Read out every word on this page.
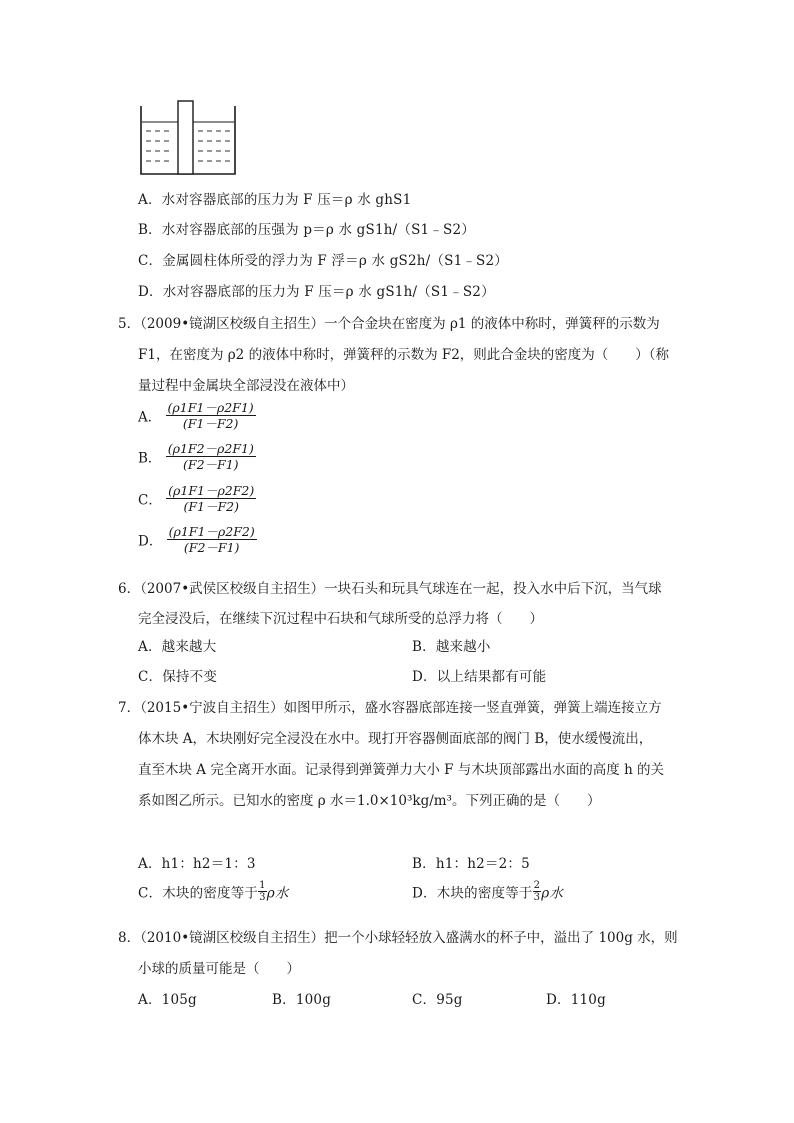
A．水对容器底部的压力为 F 压＝ρ 水 ghS1
B．水对容器底部的压强为 p＝ρ 水 gS1h/（S1﹣S2）
C．金属圆柱体所受的浮力为 F 浮＝ρ 水 gS2h/（S1﹣S2）
D．水对容器底部的压力为 F 压＝ρ 水 gS1h/（S1﹣S2）
5．（2009•镜湖区校级自主招生）一个合金块在密度为 ρ1 的液体中称时，弹簧秤的示数为
F1，在密度为 ρ2 的液体中称时，弹簧秤的示数为 F2，则此合金块的密度为（　　）（称
量过程中金属块全部浸没在液体中）
A． $\frac{(\rho 1F1-\rho 2F1)}{(F1-F2)}$
B． $\frac{(\rho 1F2-\rho 2F1)}{(F2-F1)}$
C． $\frac{(\rho 1F1-\rho 2F2)}{(F1-F2)}$
D． $\frac{(\rho 1F1-\rho 2F2)}{(F2-F1)}$
6．（2007•武侯区校级自主招生）一块石头和玩具气球连在一起，投入水中后下沉，当气球
完全浸没后，在继续下沉过程中石块和气球所受的总浮力将（　　）
A．越来越大	B．越来越小
C．保持不变	D．以上结果都有可能
7．（2015•宁波自主招生）如图甲所示，盛水容器底部连接一竖直弹簧，弹簧上端连接立方
体木块 A，木块刚好完全浸没在水中。现打开容器侧面底部的阀门 B，使水缓慢流出，
直至木块 A 完全离开水面。记录得到弹簧弹力大小 F 与木块顶部露出水面的高度 h 的关
系如图乙所示。已知水的密度 ρ 水＝1.0×10³kg/m³。下列正确的是（　　）
A．h1：h2＝1：3	B．h1：h2＝2：5
C．木块的密度等于 $\frac{1}{3}$ ρ水	D．木块的密度等于 $\frac{2}{3}$ ρ水
8．（2010•镜湖区校级自主招生）把一个小球轻轻放入盛满水的杯子中，溢出了 100g 水，则
小球的质量可能是（　　）
A．105g	B．100g	C．95g	D．110g
